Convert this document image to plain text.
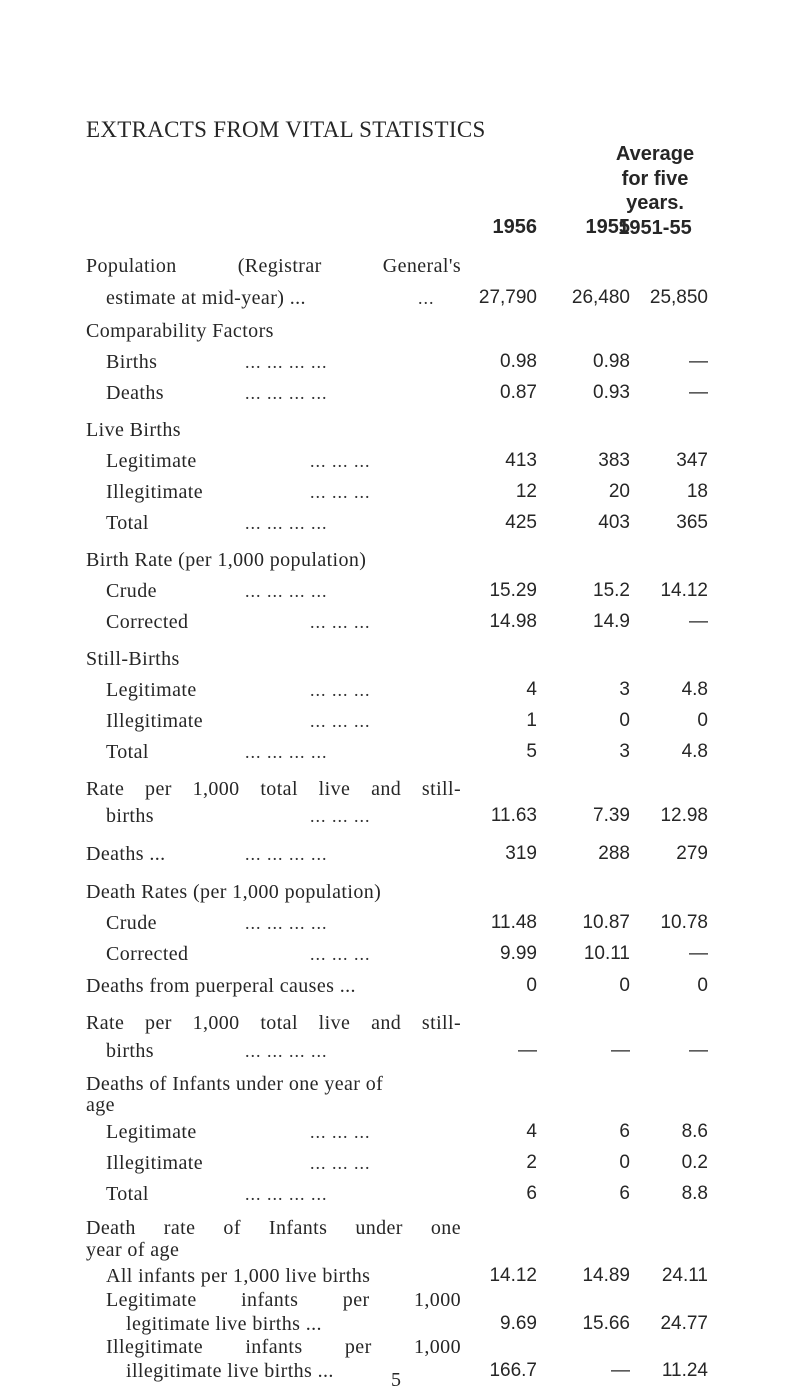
EXTRACTS FROM VITAL STATISTICS
1956 1955
Average
for five
years.
1951-55
Population (Registrar General's
estimate at mid-year) ...	... 27,790 26,480 25,850
Comparability Factors
Births	... ... ... ...	0.98	0.98	—
Deaths	... ... ... ...	0.87	0.93	—
Live Births
Legitimate	... ... ...	413	383 347
Illegitimate	... ... ...	12	20	18
Total	... ... ... ...	425	403 365
Birth Rate (per 1,000 population)
Crude	... ... ... ...	15.29	15.2 14.12
Corrected	... ... ...	14.98	14.9	—
Still-Births
Legitimate	... ... ...	4	3	4.8
Illegitimate	... ... ...	1	0	0
Total	... ... ... ...	5	3	4.8
Rate per 1,000 total live and still-
births	... ... ...	11.63	7.39 12.98
Deaths ...	... ... ... ...	319	288 279
Death Rates (per 1,000 population)
Crude	... ... ... ...	11.48 10.87 10.78
Corrected	... ... ...	9.99 10.11	—
Deaths from puerperal causes ...	0	0	0
Rate per 1,000 total live and still-
births	... ... ... ...	—	—	—
Deaths of Infants under one year of
age
Legitimate	... ... ...	4	6	8.6
Illegitimate	... ... ...	2	0	0.2
Total	... ... ... ...	6	6	8.8
Death rate of Infants under one
year of age
All infants per 1,000 live births	14.12 14.89 24.11
Legitimate infants per 1,000
legitimate live births ...	9.69 15.66 24.77
Illegitimate infants per 1,000
illegitimate live births ...	166.7	— 11.24
5
